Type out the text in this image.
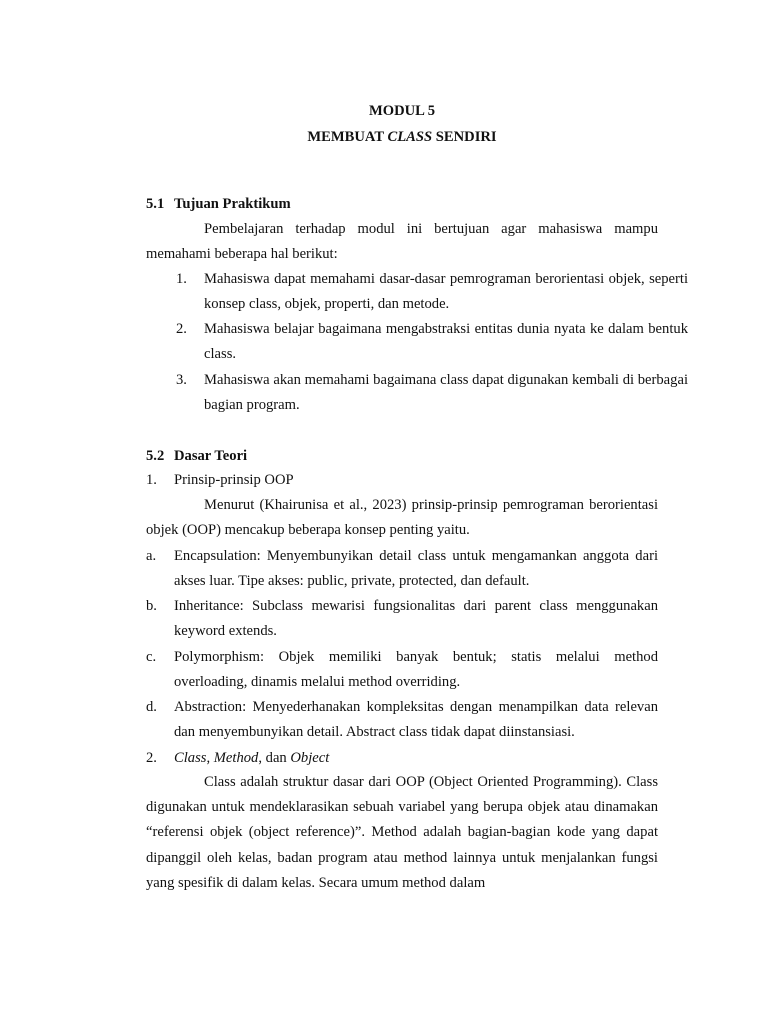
MODUL 5
MEMBUAT CLASS SENDIRI
5.1 Tujuan Praktikum

Pembelajaran terhadap modul ini bertujuan agar mahasiswa mampu memahami beberapa hal berikut:

1. Mahasiswa dapat memahami dasar-dasar pemrograman berorientasi objek, seperti konsep class, objek, properti, dan metode.
2. Mahasiswa belajar bagaimana mengabstraksi entitas dunia nyata ke dalam bentuk class.
3. Mahasiswa akan memahami bagaimana class dapat digunakan kembali di berbagai bagian program.
5.2 Dasar Teori
1. Prinsip-prinsip OOP

Menurut (Khairunisa et al., 2023) prinsip-prinsip pemrograman berorientasi objek (OOP) mencakup beberapa konsep penting yaitu.

a. Encapsulation: Menyembunyikan detail class untuk mengamankan anggota dari akses luar. Tipe akses: public, private, protected, dan default.
b. Inheritance: Subclass mewarisi fungsionalitas dari parent class menggunakan keyword extends.
c. Polymorphism: Objek memiliki banyak bentuk; statis melalui method overloading, dinamis melalui method overriding.
d. Abstraction: Menyederhanakan kompleksitas dengan menampilkan data relevan dan menyembunyikan detail. Abstract class tidak dapat diinstansiasi.
2. Class, Method, dan Object

Class adalah struktur dasar dari OOP (Object Oriented Programming). Class digunakan untuk mendeklarasikan sebuah variabel yang berupa objek atau dinamakan “referensi objek (object reference)”. Method adalah bagian-bagian kode yang dapat dipanggil oleh kelas, badan program atau method lainnya untuk menjalankan fungsi yang spesifik di dalam kelas. Secara umum method dalam
